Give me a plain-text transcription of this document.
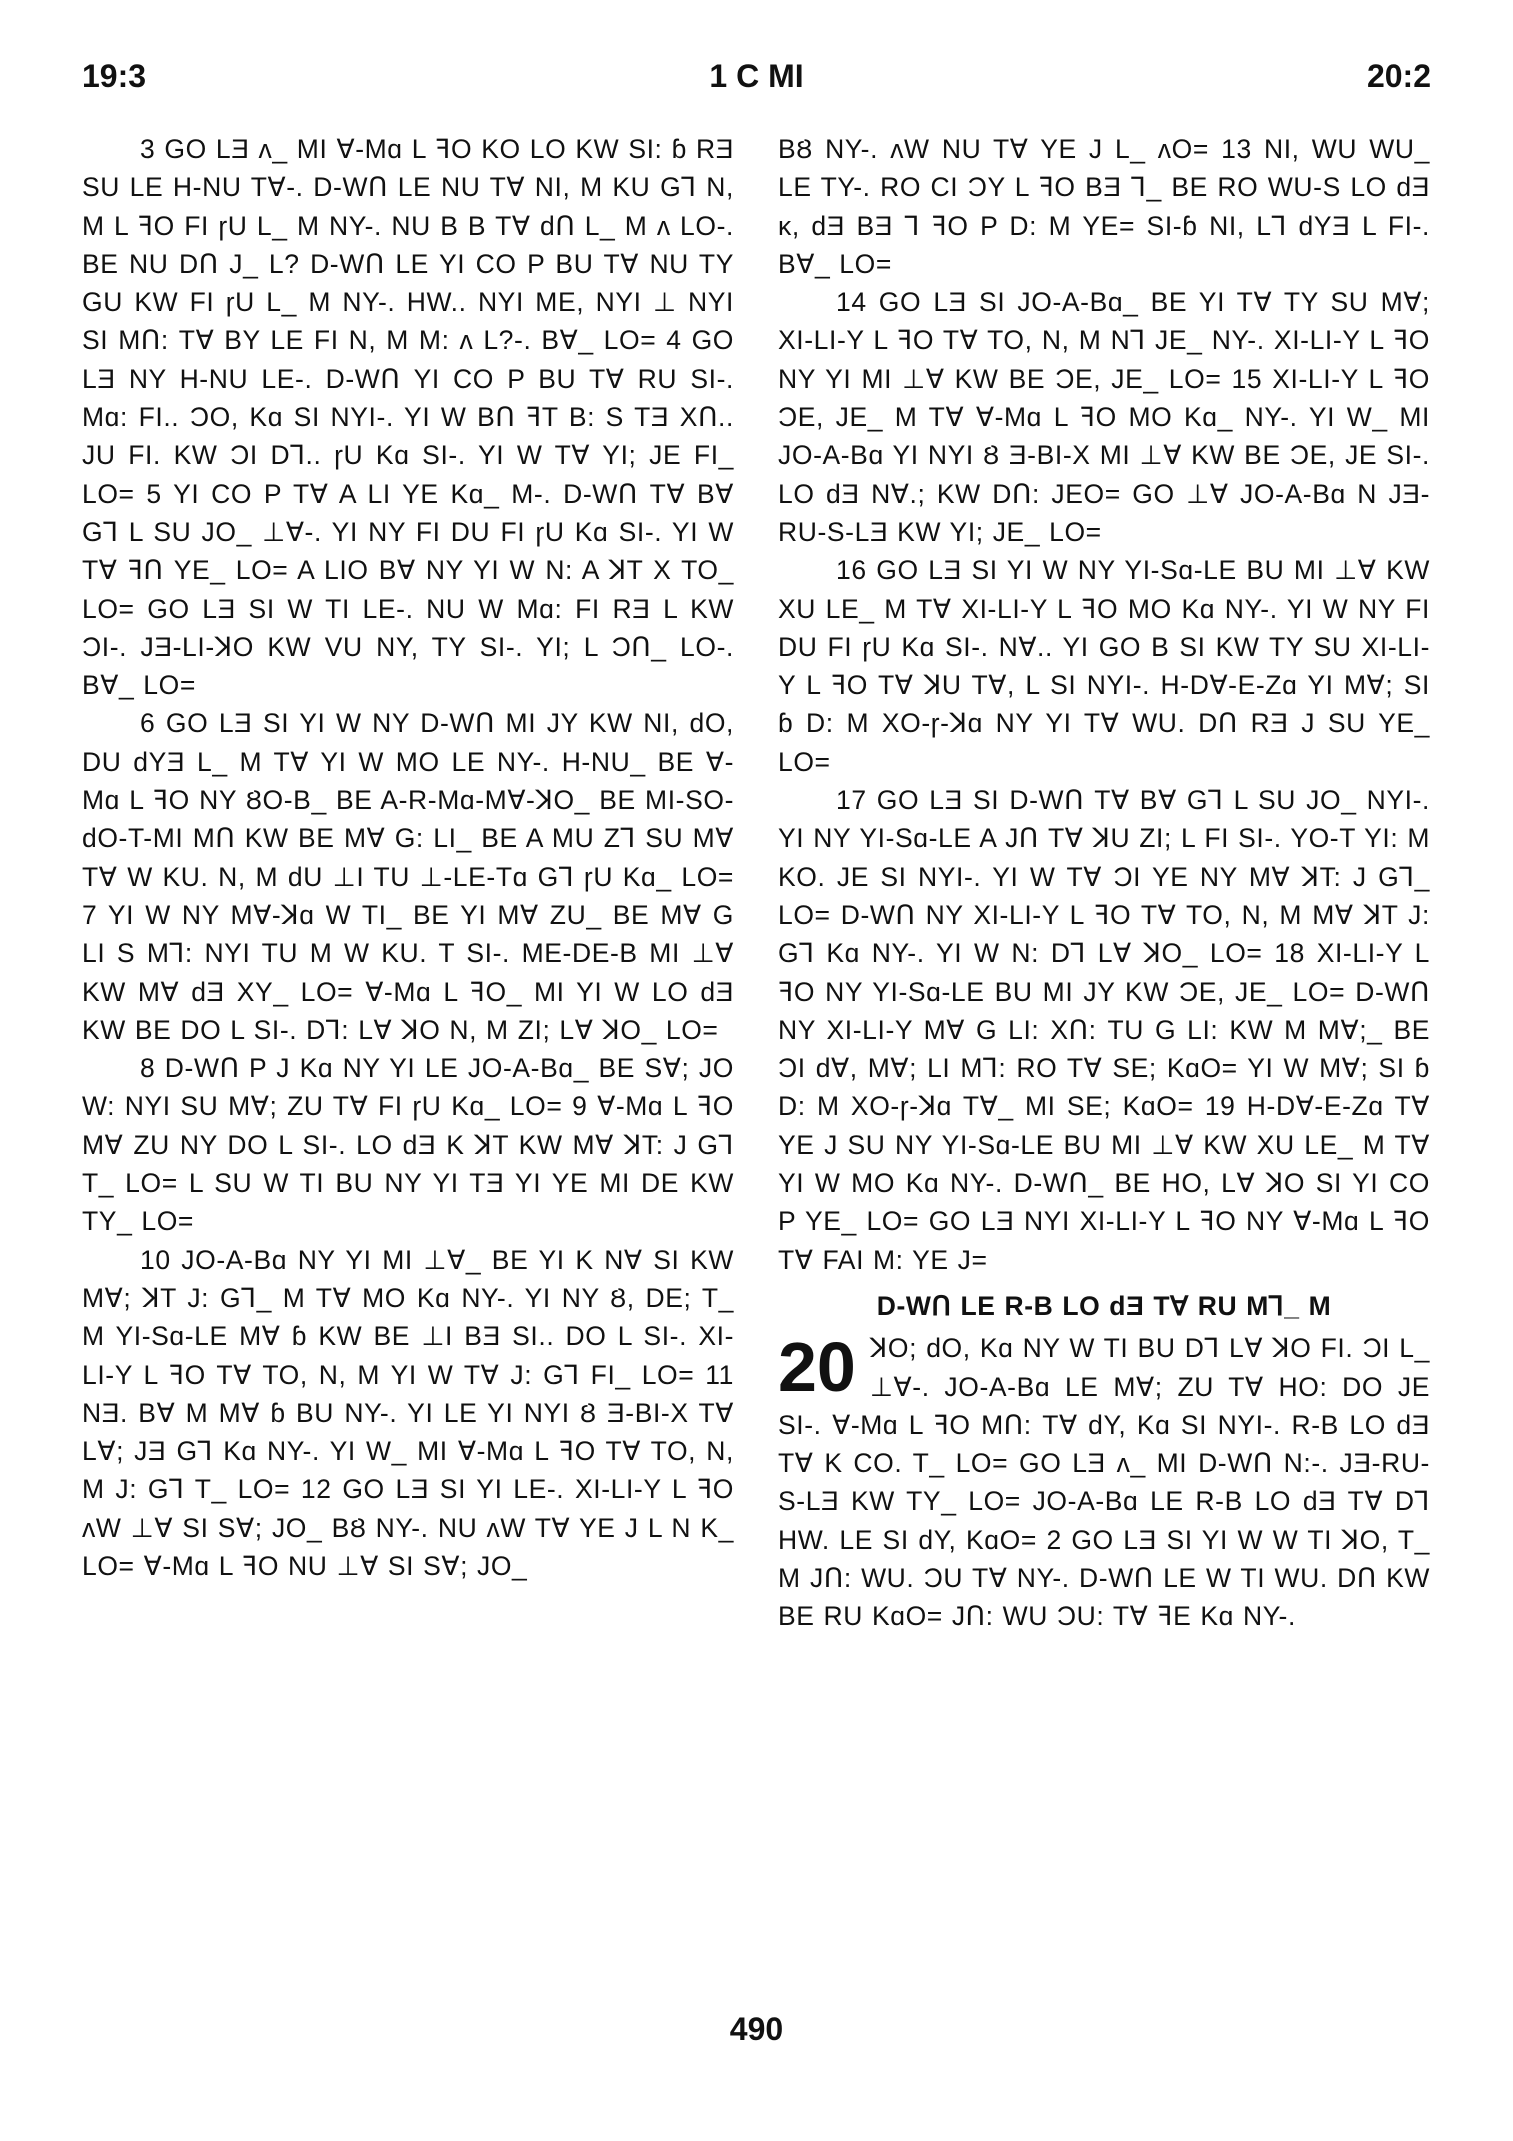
19:3	1 C MI	20:2

3 GO LƎ ʌ_ MI ∀-Mɑ L ꟻO KO LO KW SI: ɓ RƎ SU LE H-NU T∀-. D-WՈ LE NU T∀ NI, M KU GꞀ N, M L ꟻO FI ɼU L_ M NY-. NU B B T∀ dՈ L_ M ʌ LO-. BE NU DՈ J_ L? D-WՈ LE YI CO P BU T∀ NU TY GU KW FI ɼU L_ M NY-. HW.. NYI ME, NYI ⊥ NYI SI MՈ: T∀ BY LE FI N, M M: ʌ L?-. B∀_ LO= 4 GO LƎ NY H-NU LE-. D-WՈ YI CO P BU T∀ RU SI-. Mɑ: FI.. ƆO, Kɑ SI NYI-. YI W BՈ ꟻT B: S TƎ XՈ.. JU FI. KW ƆI DꞀ.. ɼU Kɑ SI-. YI W T∀ YI; JE FI_ LO= 5 YI CO P T∀ A LI YE Kɑ_ M-. D-WՈ T∀ B∀ GꞀ L SU JO_ ⊥∀-. YI NY FI DU FI ɼU Kɑ SI-. YI W T∀ ꟻՈ YE_ LO= A LIO B∀ NY YI W N: A ꓘT X TO_ LO= GO LƎ SI W TI LE-. NU W Mɑ: FI RƎ L KW ƆI-. JƎ-LI-ꓘO KW VU NY, TY SI-. YI; L ƆՈ_ LO-. B∀_ LO=

6 GO LƎ SI YI W NY D-WՈ MI JY KW NI, dO, DU dYƎ L_ M T∀ YI W MO LE NY-. H-NU_ BE ∀-Mɑ L ꟻO NY ȢO-B_ BE A-R-Mɑ-M∀-ꓘO_ BE MI-SO-dO-T-MI MՈ KW BE M∀ G: LI_ BE A MU ZꞀ SU M∀ T∀ W KU. N, M dU ⊥I TU ⊥-LE-Tɑ GꞀ ɼU Kɑ_ LO= 7 YI W NY M∀-ꓘɑ W TI_ BE YI M∀ ZU_ BE M∀ G LI S MꞀ: NYI TU M W KU. T SI-. ME-DE-B MI ⊥∀ KW M∀ dƎ XY_ LO= ∀-Mɑ L ꟻO_ MI YI W LO dƎ KW BE DO L SI-. DꞀ: L∀ ꓘO N, M ZI; L∀ ꓘO_ LO=

8 D-WՈ P J Kɑ NY YI LE JO-A-Bɑ_ BE S∀; JO W: NYI SU M∀; ZU T∀ FI ɼU Kɑ_ LO= 9 ∀-Mɑ L ꟻO M∀ ZU NY DO L SI-. LO dƎ K ꓘT KW M∀ ꓘT: J GꞀ T_ LO= L SU W TI BU NY YI TƎ YI YE MI DE KW TY_ LO=

10 JO-A-Bɑ NY YI MI ⊥∀_ BE YI K N∀ SI KW M∀; ꓘT J: GꞀ_ M T∀ MO Kɑ NY-. YI NY Ȣ, DE; T_ M YI-Sɑ-LE M∀ ɓ KW BE ⊥I BƎ SI.. DO L SI-. XI-LI-Y L ꟻO T∀ TO, N, M YI W T∀ J: GꞀ FI_ LO= 11 NƎ. B∀ M M∀ ɓ BU NY-. YI LE YI NYI Ȣ Ǝ-BI-X T∀ L∀; JƎ GꞀ Kɑ NY-. YI W_ MI ∀-Mɑ L ꟻO T∀ TO, N, M J: GꞀ T_ LO= 12 GO LƎ SI YI LE-. XI-LI-Y L ꟻO ʌW ⊥∀ SI S∀; JO_ BȢ NY-. NU ʌW T∀ YE J L N K_ LO= ∀-Mɑ L ꟻO NU ⊥∀ SI S∀; JO_

BȢ NY-. ʌW NU T∀ YE J L_ ʌO= 13 NI, WU WU_ LE TY-. RO CI ƆY L ꟻO BƎ Ꞁ_ BE RO WU-S LO dƎ ĸ, dƎ BƎ Ꞁ ꟻO P D: M YE= SI-ɓ NI, LꞀ dYƎ L FI-. B∀_ LO=

14 GO LƎ SI JO-A-Bɑ_ BE YI T∀ TY SU M∀; XI-LI-Y L ꟻO T∀ TO, N, M NꞀ JE_ NY-. XI-LI-Y L ꟻO NY YI MI ⊥∀ KW BE ƆE, JE_ LO= 15 XI-LI-Y L ꟻO ƆE, JE_ M T∀ ∀-Mɑ L ꟻO MO Kɑ_ NY-. YI W_ MI JO-A-Bɑ YI NYI Ȣ Ǝ-BI-X MI ⊥∀ KW BE ƆE, JE SI-. LO dƎ N∀.; KW DՈ: JEO= GO ⊥∀ JO-A-Bɑ N JƎ-RU-S-LƎ KW YI; JE_ LO=

16 GO LƎ SI YI W NY YI-Sɑ-LE BU MI ⊥∀ KW XU LE_ M T∀ XI-LI-Y L ꟻO MO Kɑ NY-. YI W NY FI DU FI ɼU Kɑ SI-. N∀.. YI GO B SI KW TY SU XI-LI-Y L ꟻO T∀ ꓘU T∀, L SI NYI-. H-D∀-E-Zɑ YI M∀; SI ɓ D: M XO-ɼ-ꓘɑ NY YI T∀ WU. DՈ RƎ J SU YE_ LO=

17 GO LƎ SI D-WՈ T∀ B∀ GꞀ L SU JO_ NYI-. YI NY YI-Sɑ-LE A JՈ T∀ ꓘU ZI; L FI SI-. YO-T YI: M KO. JE SI NYI-. YI W T∀ ƆI YE NY M∀ ꓘT: J GꞀ_ LO= D-WՈ NY XI-LI-Y L ꟻO T∀ TO, N, M M∀ ꓘT J: GꞀ Kɑ NY-. YI W N: DꞀ L∀ ꓘO_ LO= 18 XI-LI-Y L ꟻO NY YI-Sɑ-LE BU MI JY KW ƆE, JE_ LO= D-WՈ NY XI-LI-Y M∀ G LI: XՈ: TU G LI: KW M M∀;_ BE ƆI d∀, M∀; LI MꞀ: RO T∀ SE; KɑO= YI W M∀; SI ɓ D: M XO-ɼ-ꓘɑ T∀_ MI SE; KɑO= 19 H-D∀-E-Zɑ T∀ YE J SU NY YI-Sɑ-LE BU MI ⊥∀ KW XU LE_ M T∀ YI W MO Kɑ NY-. D-WՈ_ BE HO, L∀ ꓘO SI YI CO P YE_ LO= GO LƎ NYI XI-LI-Y L ꟻO NY ∀-Mɑ L ꟻO T∀ FAI M: YE J=

D-WՈ LE R-B LO dƎ T∀ RU MꞀ_ M

20 ꓘO; dO, Kɑ NY W TI BU DꞀ L∀ ꓘO FI. ƆI L_ ⊥∀-. JO-A-Bɑ LE M∀; ZU T∀ HO: DO JE SI-. ∀-Mɑ L ꟻO MՈ: T∀ dY, Kɑ SI NYI-. R-B LO dƎ T∀ K CO. T_ LO= GO LƎ ʌ_ MI D-WՈ N:-. JƎ-RU-S-LƎ KW TY_ LO= JO-A-Bɑ LE R-B LO dƎ T∀ DꞀ HW. LE SI dY, KɑO= 2 GO LƎ SI YI W W TI ꓘO, T_ M JՈ: WU. ƆU T∀ NY-. D-WՈ LE W TI WU. DՈ KW BE RU KɑO= JՈ: WU ƆU: T∀ ꟻE Kɑ NY-.

490
